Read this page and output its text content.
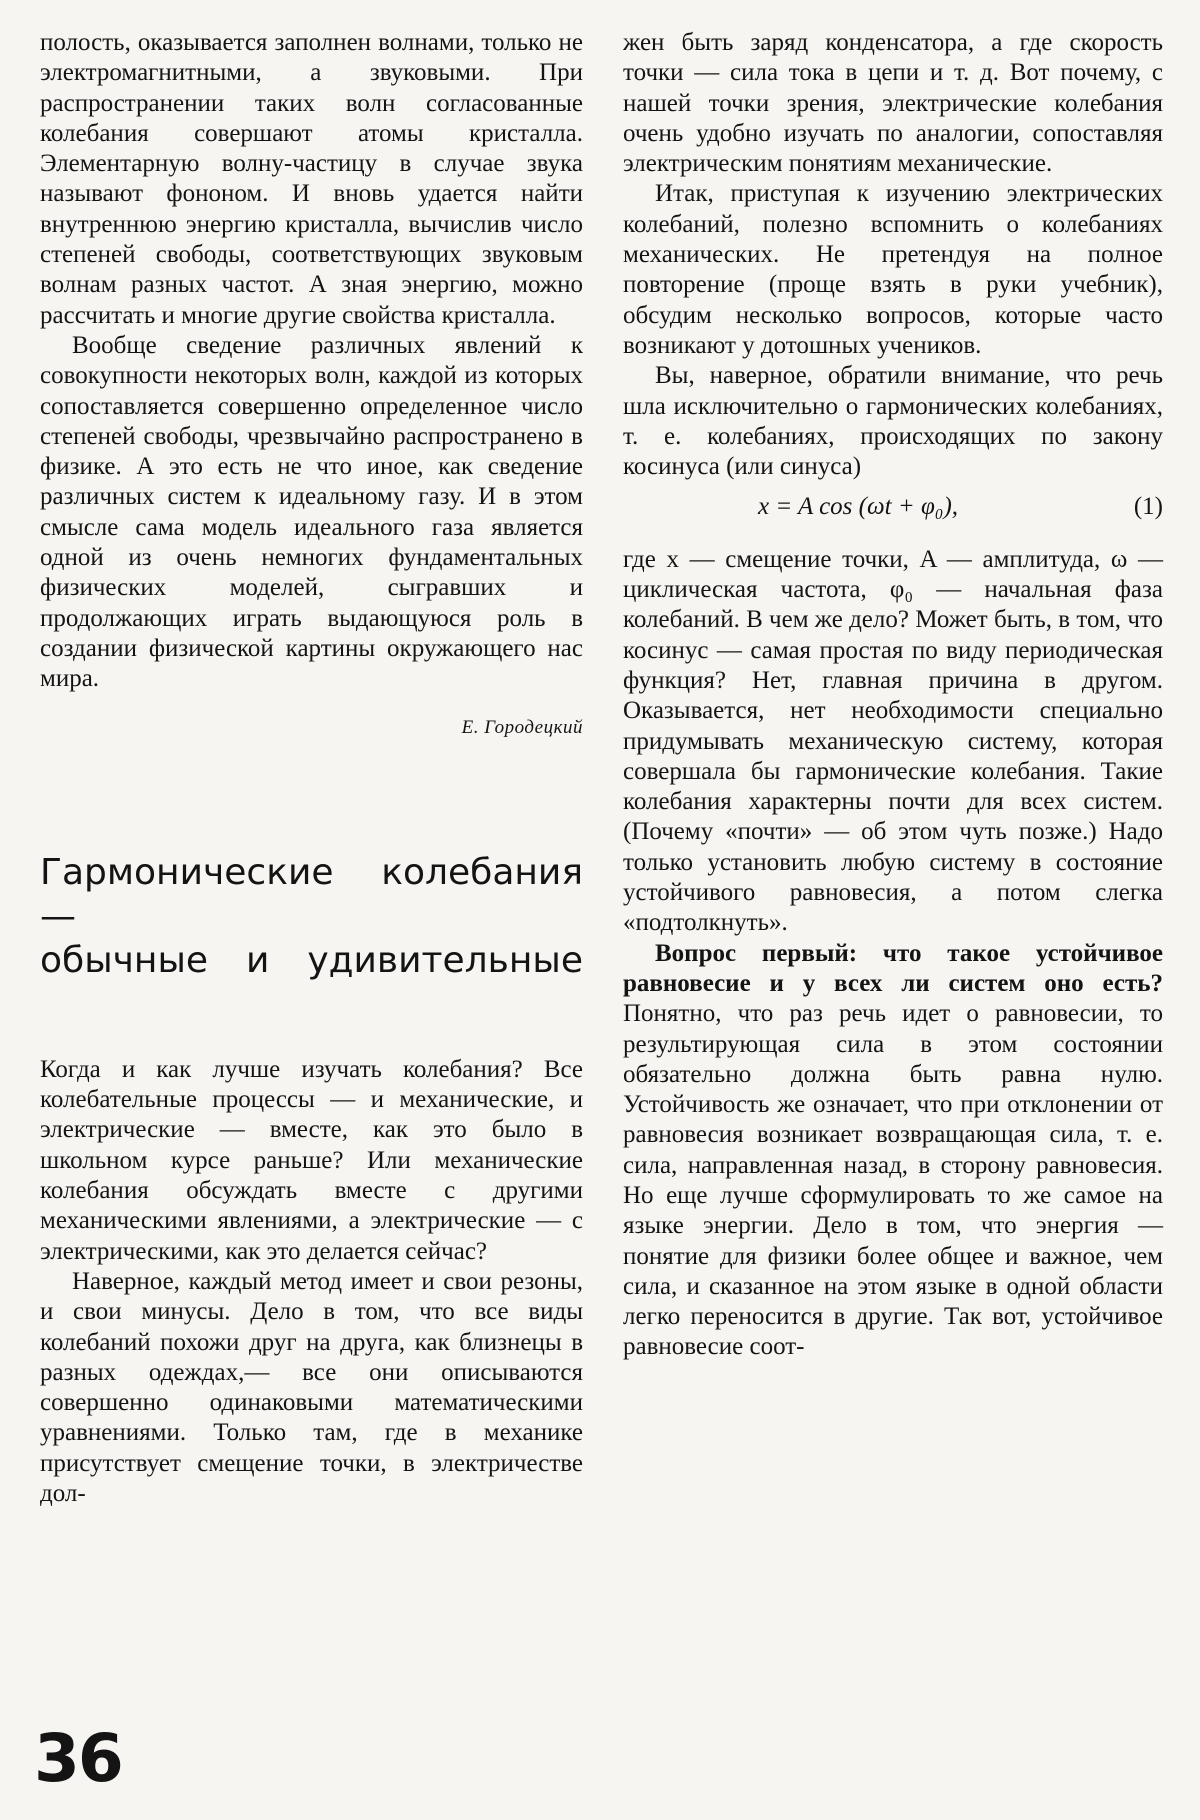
полость, оказывается заполнен волнами, только не электромагнитными, а звуковыми. При распространении таких волн согласованные колебания совершают атомы кристалла. Элементарную волну-частицу в случае звука называют фононом. И вновь удается найти внутреннюю энергию кристалла, вычислив число степеней свободы, соответствующих звуковым волнам разных частот. А зная энергию, можно рассчитать и многие другие свойства кристалла.

Вообще сведение различных явлений к совокупности некоторых волн, каждой из которых сопоставляется совершенно определенное число степеней свободы, чрезвычайно распространено в физике. А это есть не что иное, как сведение различных систем к идеальному газу. И в этом смысле сама модель идеального газа является одной из очень немногих фундаментальных физических моделей, сыгравших и продолжающих играть выдающуюся роль в создании физической картины окружающего нас мира.

Е. Городецкий
Гармонические колебания —
обычные и удивительные

Когда и как лучше изучать колебания? Все колебательные процессы — и механические, и электрические — вместе, как это было в школьном курсе раньше? Или механические колебания обсуждать вместе с другими механическими явлениями, а электрические — с электрическими, как это делается сейчас?

Наверное, каждый метод имеет и свои резоны, и свои минусы. Дело в том, что все виды колебаний похожи друг на друга, как близнецы в разных одеждах,— все они описываются совершенно одинаковыми математическими уравнениями. Только там, где в механике присутствует смещение точки, в электричестве дол-

жен быть заряд конденсатора, а где скорость точки — сила тока в цепи и т. д. Вот почему, с нашей точки зрения, электрические колебания очень удобно изучать по аналогии, сопоставляя электрическим понятиям механические.

Итак, приступая к изучению электрических колебаний, полезно вспомнить о колебаниях механических. Не претендуя на полное повторение (проще взять в руки учебник), обсудим несколько вопросов, которые часто возникают у дотошных учеников.

Вы, наверное, обратили внимание, что речь шла исключительно о гармонических колебаниях, т. е. колебаниях, происходящих по закону косинуса (или синуса)

x = A cos (ωt + φ₀),	(1)

где x — смещение точки, A — амплитуда, ω — циклическая частота, φ₀ — начальная фаза колебаний. В чем же дело? Может быть, в том, что косинус — самая простая по виду периодическая функция? Нет, главная причина в другом. Оказывается, нет необходимости специально придумывать механическую систему, которая совершала бы гармонические колебания. Такие колебания характерны почти для всех систем. (Почему «почти» — об этом чуть позже.) Надо только установить любую систему в состояние устойчивого равновесия, а потом слегка «подтолкнуть».

Вопрос первый: что такое устойчивое равновесие и у всех ли систем оно есть? Понятно, что раз речь идет о равновесии, то результирующая сила в этом состоянии обязательно должна быть равна нулю. Устойчивость же означает, что при отклонении от равновесия возникает возвращающая сила, т. е. сила, направленная назад, в сторону равновесия. Но еще лучше сформулировать то же самое на языке энергии. Дело в том, что энергия — понятие для физики более общее и важное, чем сила, и сказанное на этом языке в одной области легко переносится в другие. Так вот, устойчивое равновесие соот-

36
